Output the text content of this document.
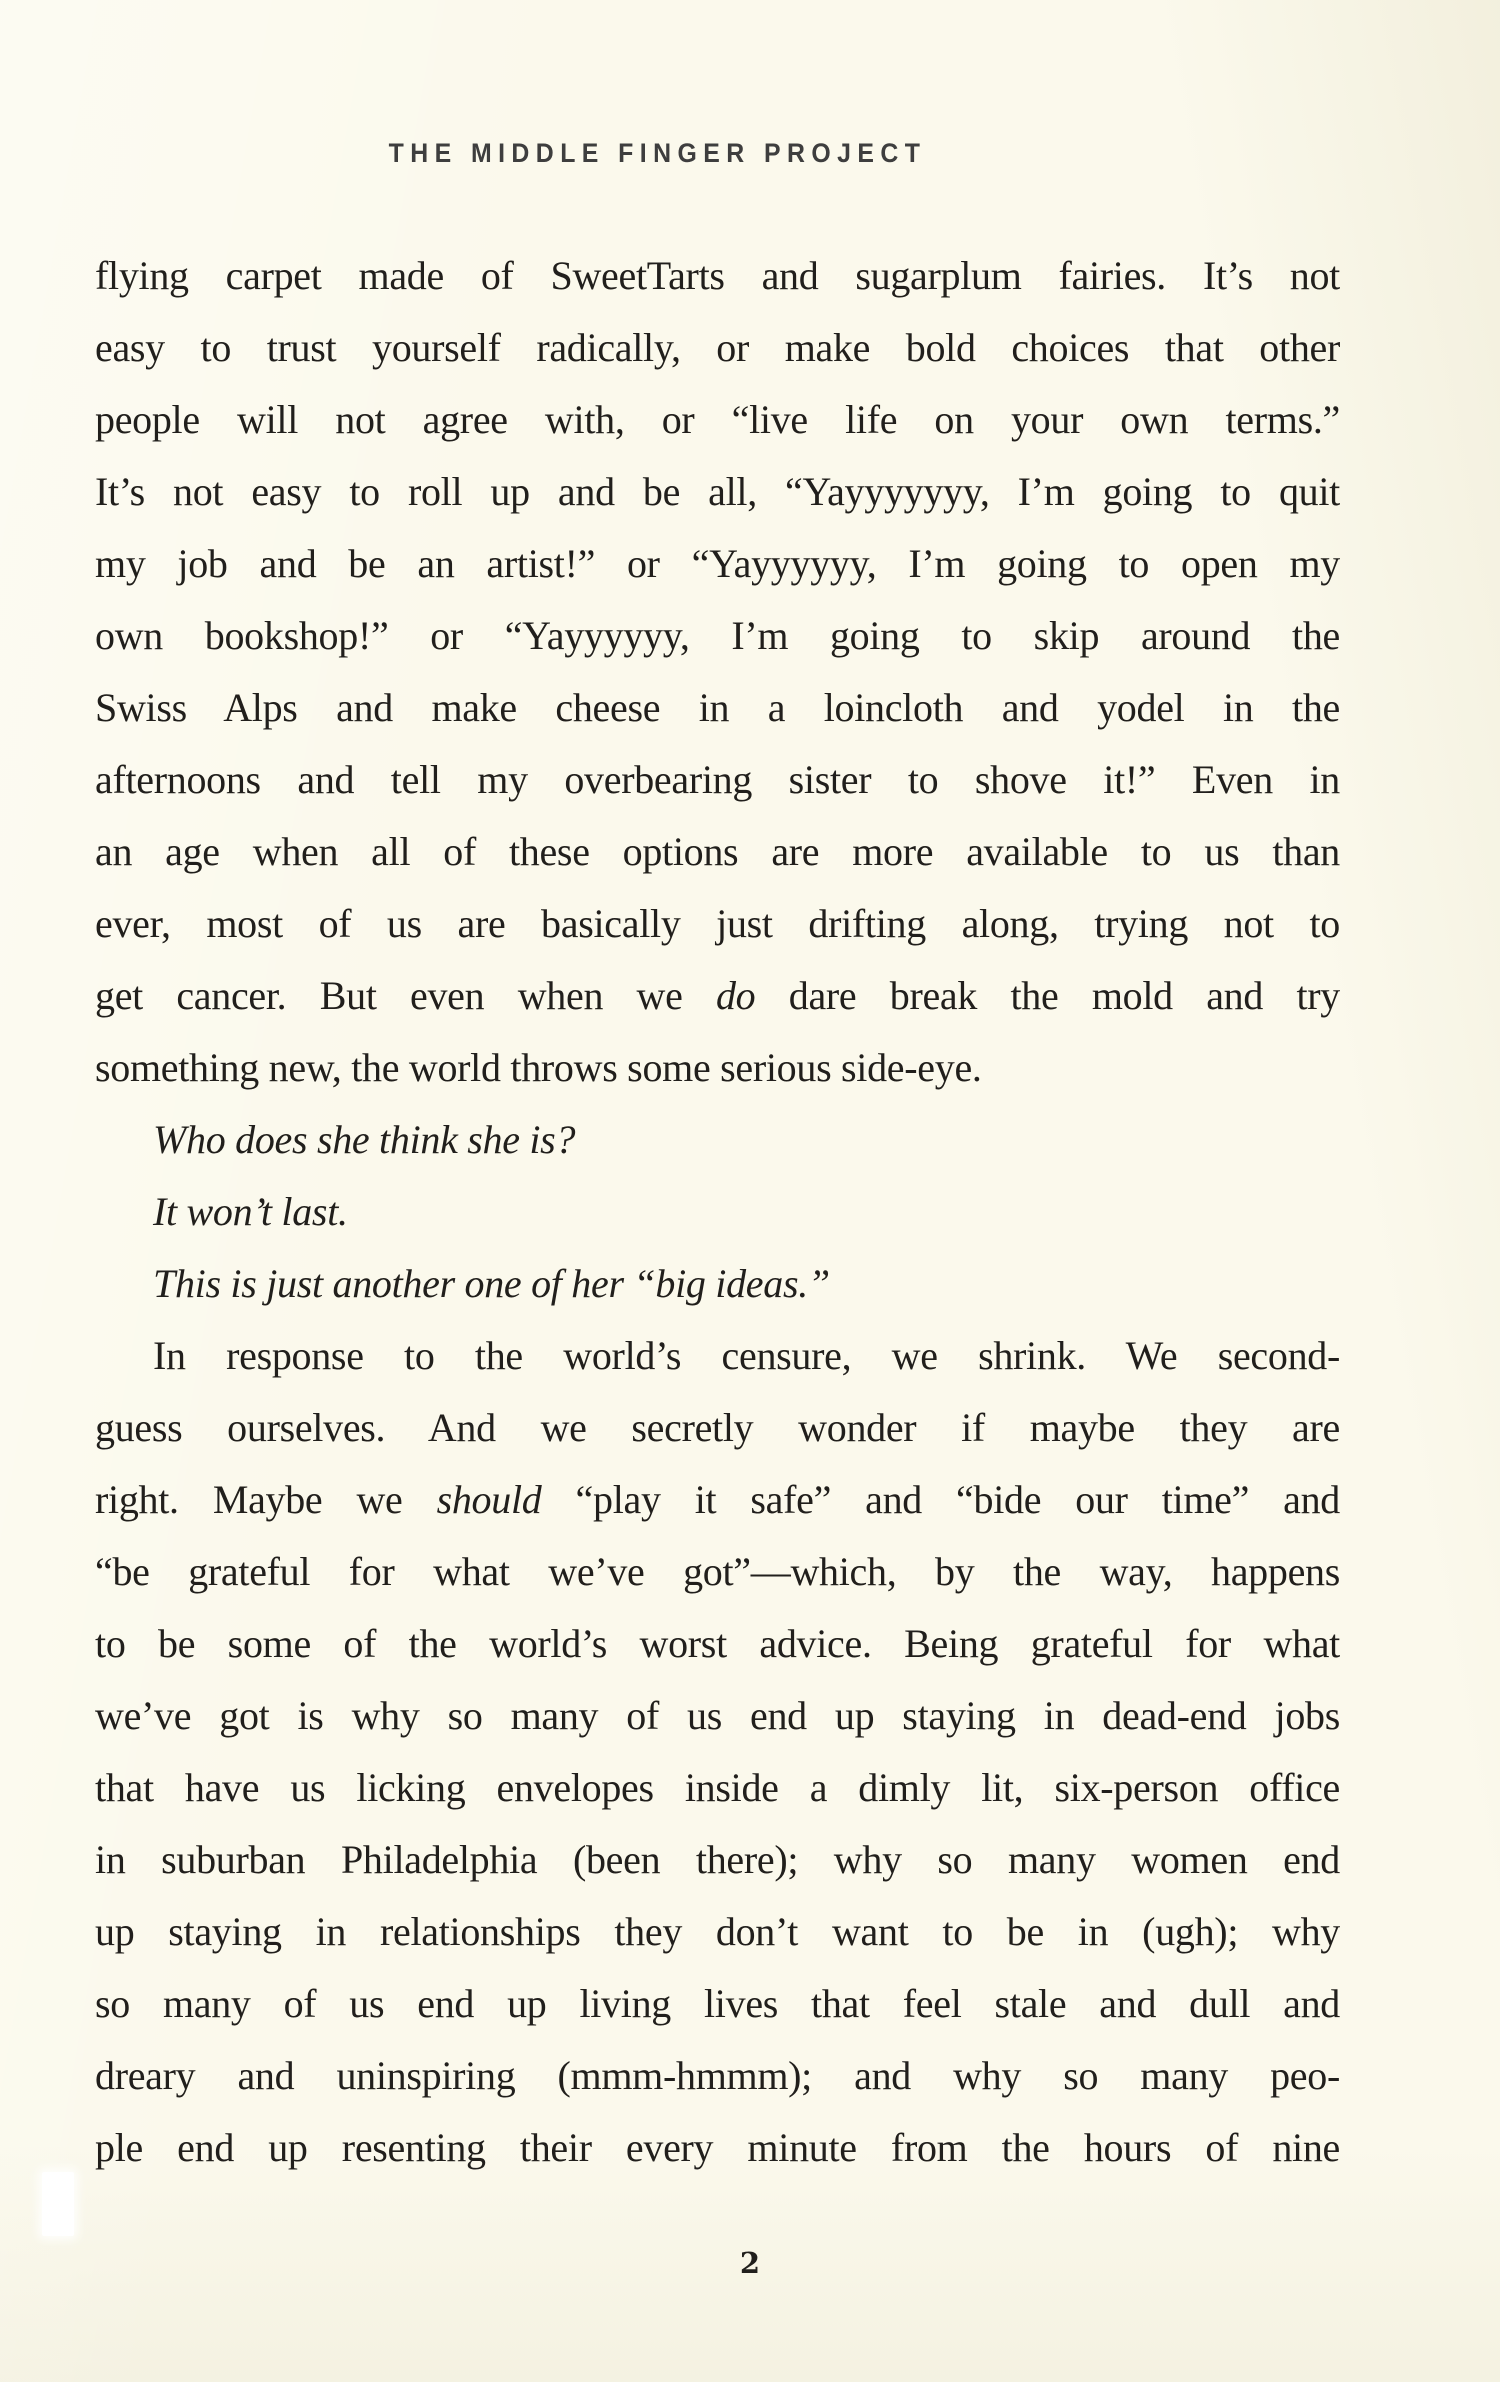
THE MIDDLE FINGER PROJECT
flying carpet made of SweetTarts and sugarplum fairies. It’s not
easy to trust yourself radically, or make bold choices that other
people will not agree with, or “live life on your own terms.”
It’s not easy to roll up and be all, “Yayyyyyyy, I’m going to quit
my job and be an artist!” or “Yayyyyyy, I’m going to open my
own bookshop!” or “Yayyyyyy, I’m going to skip around the
Swiss Alps and make cheese in a loincloth and yodel in the
afternoons and tell my overbearing sister to shove it!” Even in
an age when all of these options are more available to us than
ever, most of us are basically just drifting along, trying not to
get cancer. But even when we do dare break the mold and try
something new, the world throws some serious side-eye.
Who does she think she is?
It won’t last.
This is just another one of her “big ideas.”
In response to the world’s censure, we shrink. We second-
guess ourselves. And we secretly wonder if maybe they are
right. Maybe we should “play it safe” and “bide our time” and
“be grateful for what we’ve got”—which, by the way, happens
to be some of the world’s worst advice. Being grateful for what
we’ve got is why so many of us end up staying in dead-end jobs
that have us licking envelopes inside a dimly lit, six-person office
in suburban Philadelphia (been there); why so many women end
up staying in relationships they don’t want to be in (ugh); why
so many of us end up living lives that feel stale and dull and
dreary and uninspiring (mmm-hmmm); and why so many peo-
ple end up resenting their every minute from the hours of nine
2
